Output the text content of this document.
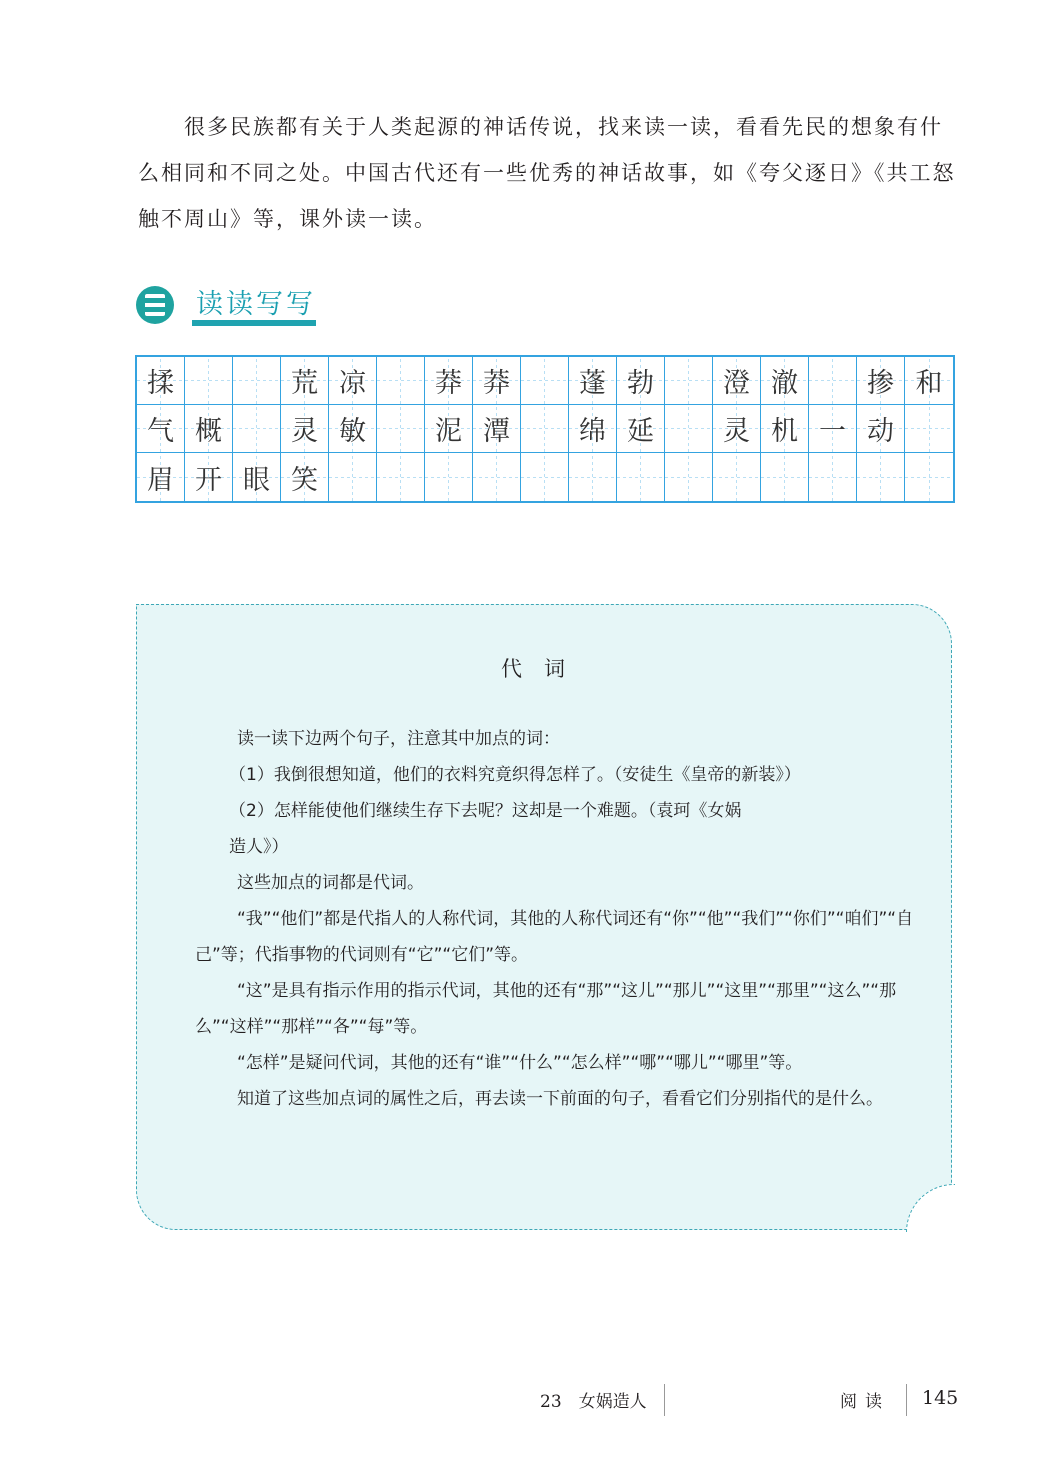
很多民族都有关于人类起源的神话传说，找来读一读，看看先民的想象有什么相同和不同之处。中国古代还有一些优秀的神话故事，如《夸父逐日》《共工怒触不周山》等，课外读一读。

读读写写
揉	荒 凉	莽 莽	蓬 勃	澄 澈	掺 和
气 概	灵 敏	泥 潭	绵 延	灵 机 一 动
眉 开 眼 笑
代词

读一读下边两个句子，注意其中加点的词：

（1）我倒很想知道，他们的衣料究竟织得怎样了。（安徒生《皇帝的新装》）

（2）怎样能使他们继续生存下去呢？这却是一个难题。（袁珂《女娲

造人》）

这些加点的词都是代词。

“我”“他们”都是代指人的人称代词，其他的人称代词还有“你”“他”“我们”“你们”“咱们”“自己”等；代指事物的代词则有“它”“它们”等。

“这”是具有指示作用的指示代词，其他的还有“那”“这儿”“那儿”“这里”“那里”“这么”“那么”“这样”“那样”“各”“每”等。

“怎样”是疑问代词，其他的还有“谁”“什么”“怎么样”“哪”“哪儿”“哪里”等。

知道了这些加点词的属性之后，再去读一下前面的句子，看看它们分别指代的是什么。

23　女娲造人	阅读 145
